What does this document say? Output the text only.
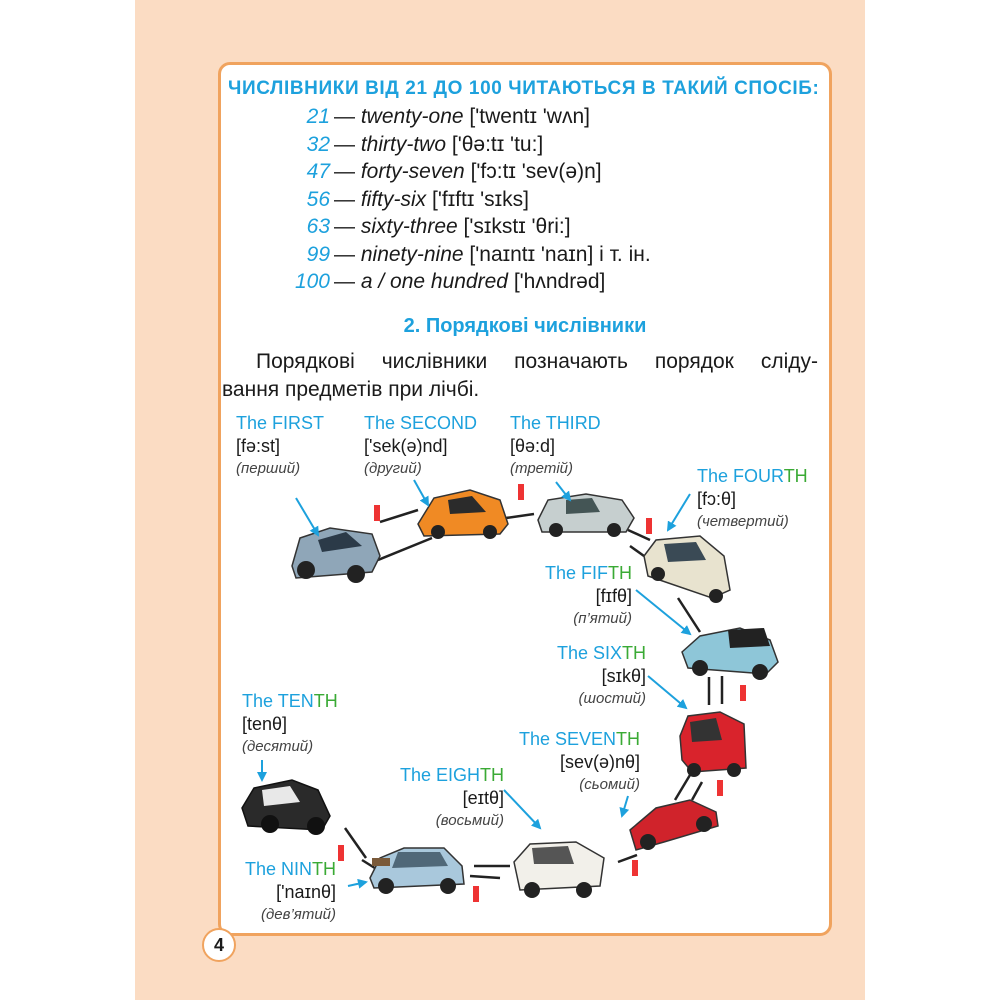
ЧИСЛІВНИКИ ВІД 21 ДО 100 ЧИТАЮТЬСЯ В ТАКИЙ СПОСІБ:
21 — twenty-one ['twentɪ 'wʌn]
32 — thirty-two ['θə:tɪ 'tu:]
47 — forty-seven ['fɔ:tɪ 'sev(ə)n]
56 — fifty-six ['fɪftɪ 'sɪks]
63 — sixty-three ['sɪkstɪ 'θri:]
99 — ninety-nine ['naɪntɪ 'naɪn] і т. ін.
100 — a / one hundred ['hʌndrəd]
2. Порядкові числівники
Порядкові числівники позначають порядок сліду-
вання предметів при лічбі.
The FIRST
[fə:st]
(перший)
The SECOND
['sek(ə)nd]
(другий)
The THIRD
[θə:d]
(третій)	The FOURTH
[fɔ:θ]
(четвертий)
The FIFTH
[fɪfθ]
(п’ятий)
The SIXTH
[sɪkθ]
(шостий)
The SEVENTH
[sev(ə)nθ]
(сьомий)
The EIGHTH
[eɪtθ]
(восьмий)
The NINTH
['naɪnθ]
(дев’ятий)
The TENTH
[tenθ]
(десятий)
4
